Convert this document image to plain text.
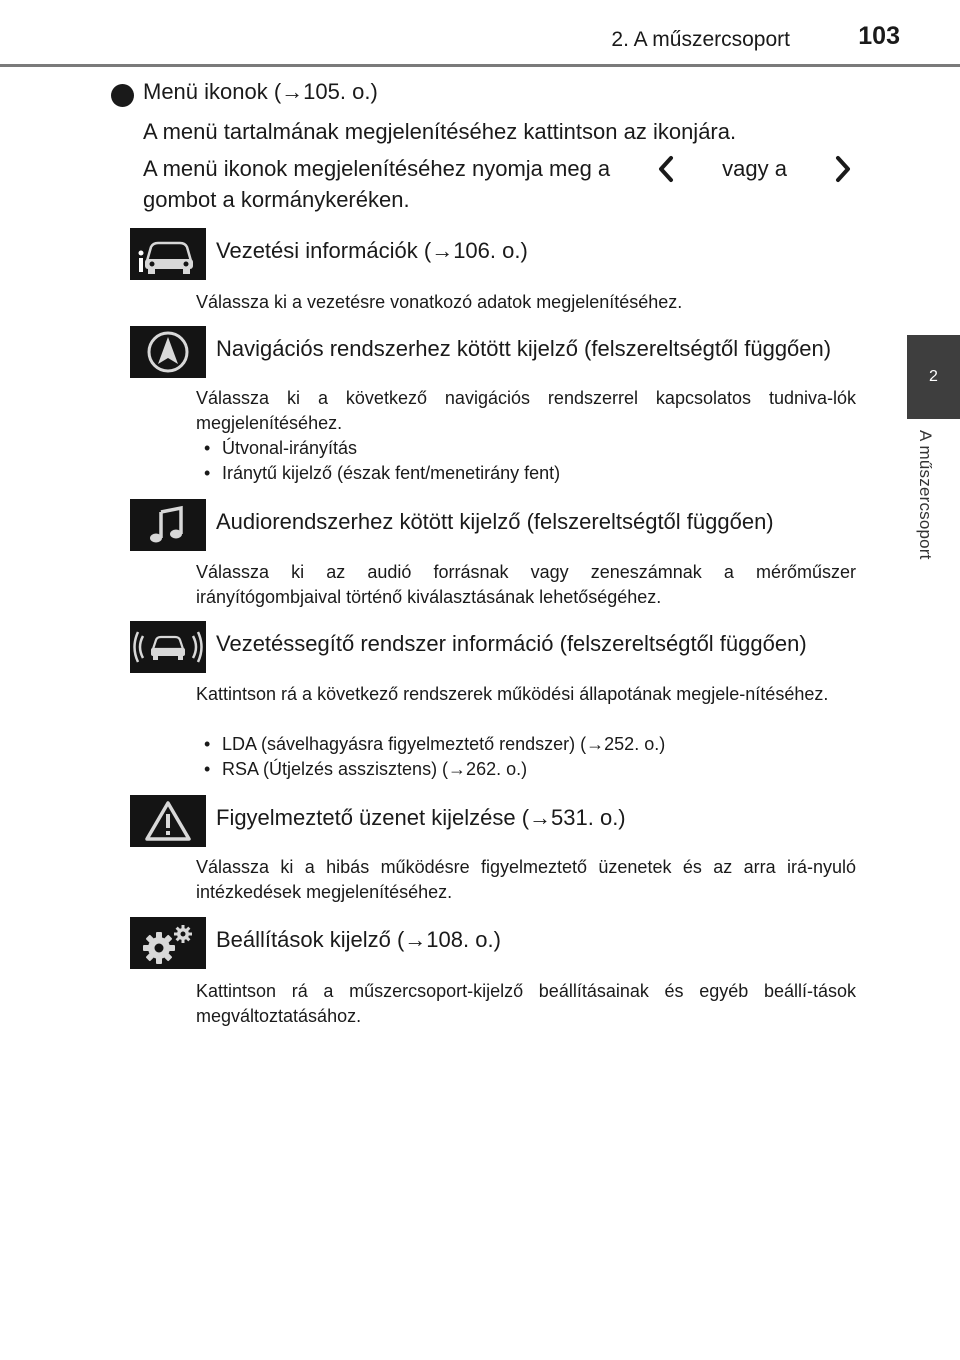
2. A műszercsoport	103
2
A műszercsoport
Menü ikonok (→105. o.)
A menü tartalmának megjelenítéséhez kattintson az ikonjára.
A menü ikonok megjelenítéséhez nyomja meg a	vagy a
gombot a kormánykeréken.
Vezetési információk (→106. o.)
Válassza ki a vezetésre vonatkozó adatok megjelenítéséhez.
Navigációs rendszerhez kötött kijelző (felszereltségtől függően)
Válassza ki a következő navigációs rendszerrel kapcsolatos tudniva-lók megjelenítéséhez.
• Útvonal-irányítás
• Iránytű kijelző (észak fent/menetirány fent)
Audiorendszerhez kötött kijelző (felszereltségtől függően)
Válassza ki az audió forrásnak vagy zeneszámnak a mérőműszer irányítógombjaival történő kiválasztásának lehetőségéhez.
Vezetéssegítő rendszer információ (felszereltségtől függően)
Kattintson rá a következő rendszerek működési állapotának megjele-nítéséhez.
• LDA (sávelhagyásra figyelmeztető rendszer) (→252. o.)
• RSA (Útjelzés asszisztens) (→262. o.)
Figyelmeztető üzenet kijelzése (→531. o.)
Válassza ki a hibás működésre figyelmeztető üzenetek és az arra irá-nyuló intézkedések megjelenítéséhez.
Beállítások kijelző (→108. o.)
Kattintson rá a műszercsoport-kijelző beállításainak és egyéb beállí-tások megváltoztatásához.
